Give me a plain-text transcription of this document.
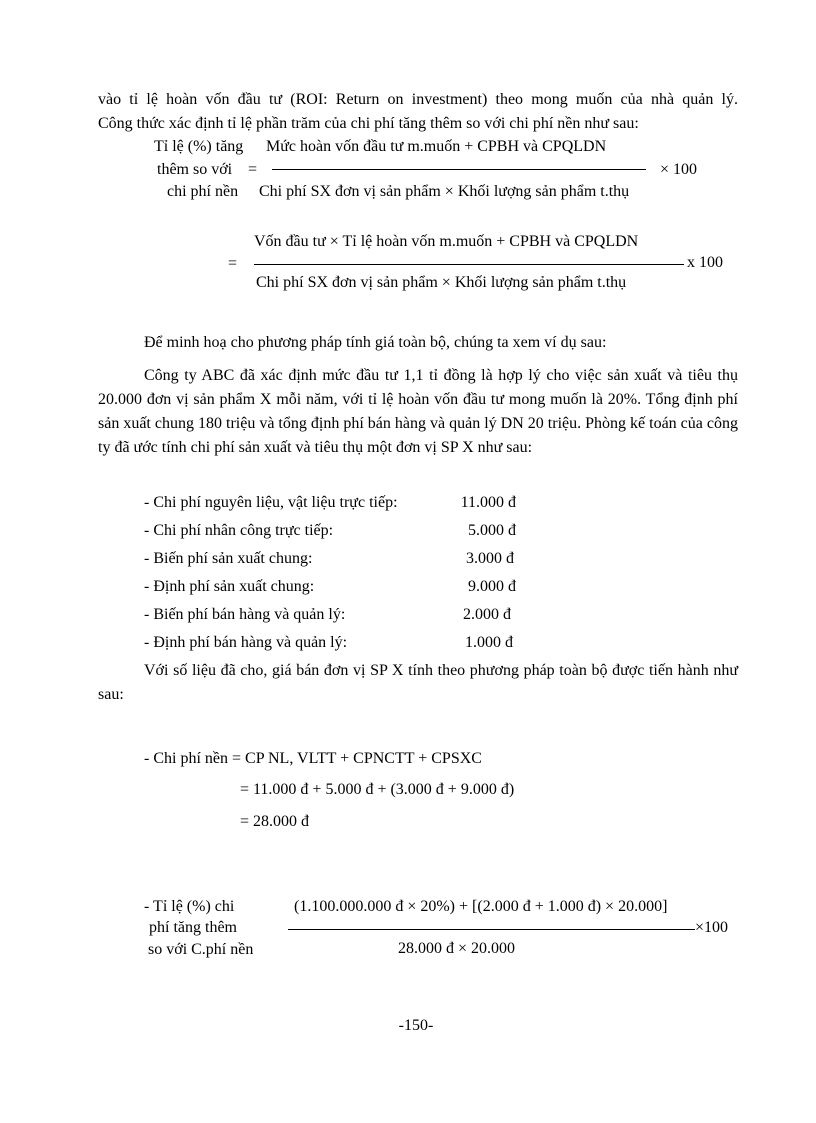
vào tỉ lệ hoàn vốn đầu tư (ROI: Return on investment) theo mong muốn của nhà quản lý.
Công thức xác định tỉ lệ phần trăm của chi phí tăng thêm so với chi phí nền như sau:
Tỉ lệ (%) tăng
thêm so với =
chi phí nền
Mức hoàn vốn đầu tư m.muốn + CPBH và CPQLDN
× 100
Chi phí SX đơn vị sản phẩm × Khối lượng sản phẩm t.thụ
Vốn đầu tư × Tỉ lệ hoàn vốn m.muốn + CPBH và CPQLDN
=	x 100
Chi phí SX đơn vị sản phẩm × Khối lượng sản phẩm t.thụ
Để minh hoạ cho phương pháp tính giá toàn bộ, chúng ta xem ví dụ sau:
Công ty ABC đã xác định mức đầu tư 1,1 tỉ đồng là hợp lý cho việc sản xuất và tiêu thụ 20.000 đơn vị sản phẩm X mỗi năm, với tỉ lệ hoàn vốn đầu tư mong muốn là 20%. Tổng định phí sản xuất chung 180 triệu và tổng định phí bán hàng và quản lý DN 20 triệu. Phòng kế toán của công ty đã ước tính chi phí sản xuất và tiêu thụ một đơn vị SP X như sau:
- Chi phí nguyên liệu, vật liệu trực tiếp:	11.000 đ
- Chi phí nhân công trực tiếp:	5.000 đ
- Biến phí sản xuất chung:	3.000 đ
- Định phí sản xuất chung:	9.000 đ
- Biến phí bán hàng và quản lý:	2.000 đ
- Định phí bán hàng và quản lý:	1.000 đ
Với số liệu đã cho, giá bán đơn vị SP X tính theo phương pháp toàn bộ được tiến hành như sau:
- Chi phí nền = CP NL, VLTT + CPNCTT + CPSXC
= 11.000 đ + 5.000 đ + (3.000 đ + 9.000 đ)
= 28.000 đ
- Tỉ lệ (%) chi
phí tăng thêm
so với C.phí nền
(1.100.000.000 đ × 20%) + [(2.000 đ + 1.000 đ) × 20.000]
×100
28.000 đ × 20.000
-150-
